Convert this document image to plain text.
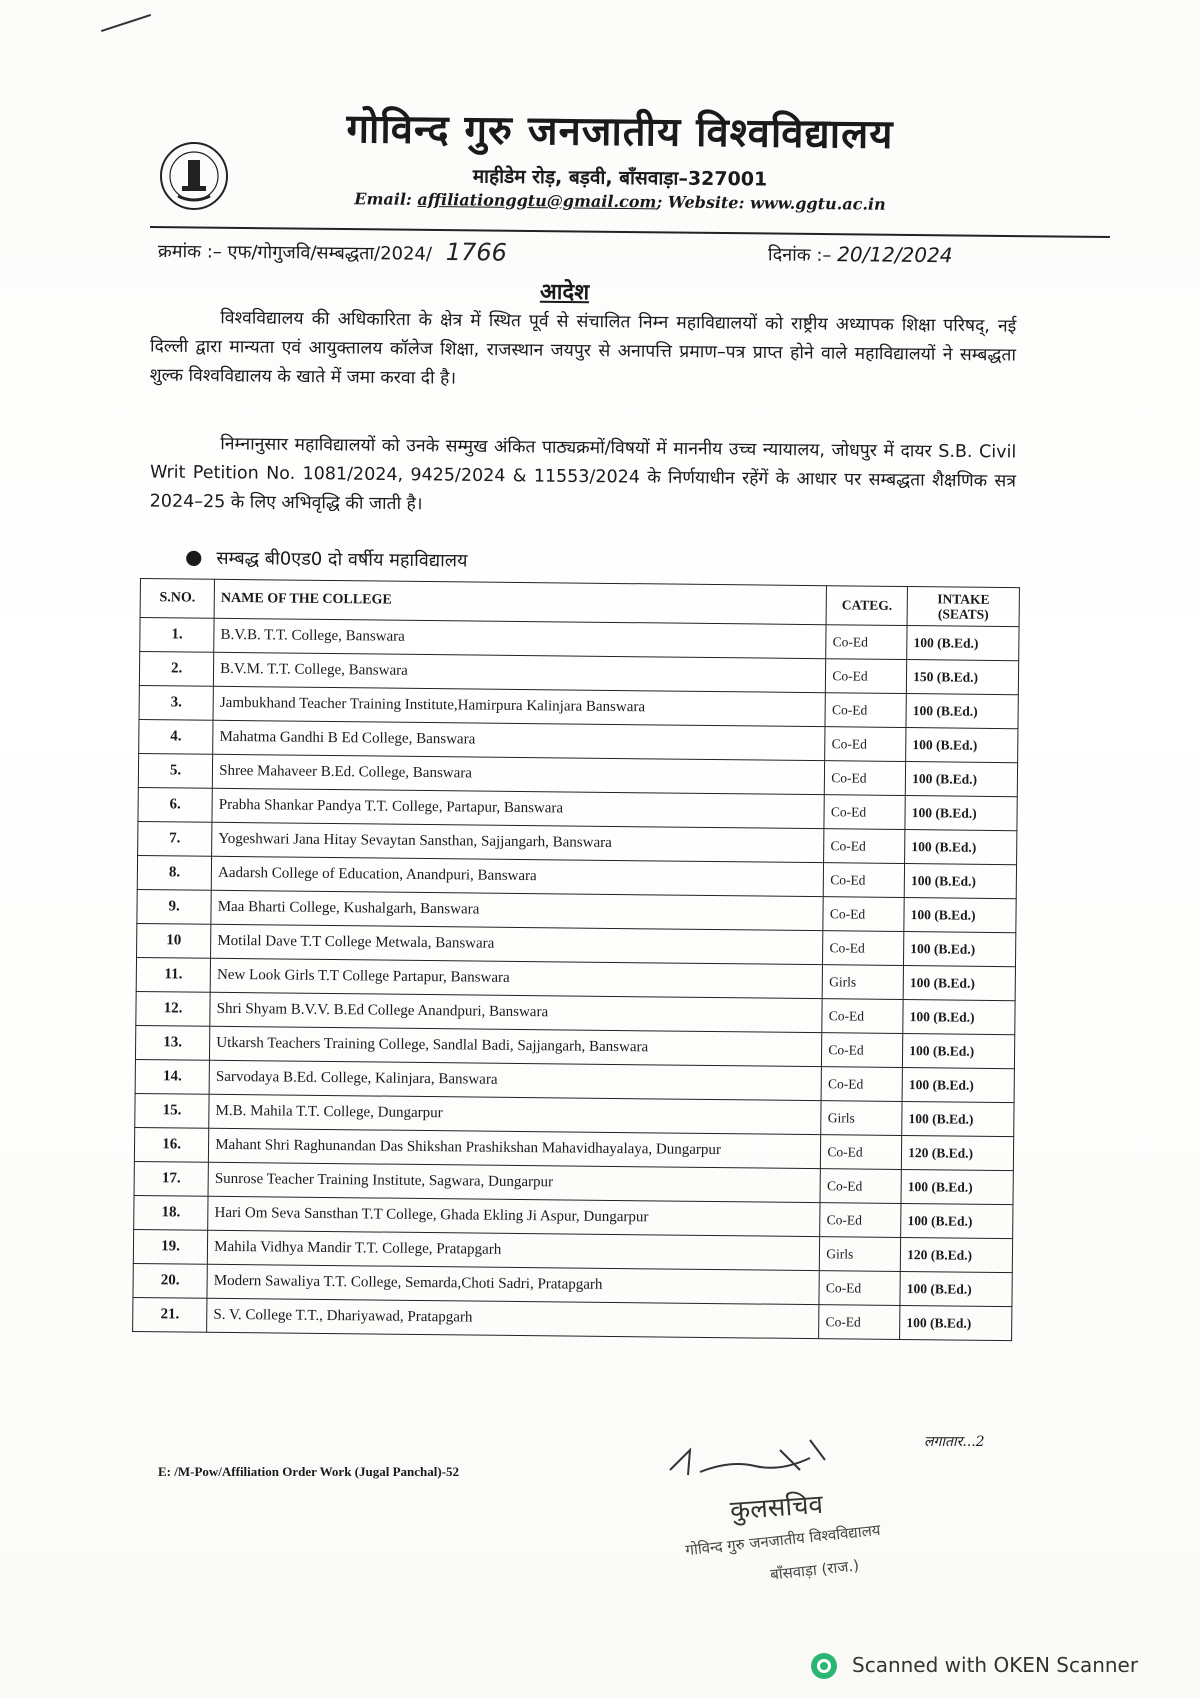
गोविन्द गुरु जनजातीय विश्वविद्यालय
माहीडेम रोड़, बड़वी, बाँसवाड़ा–327001
Email: affiliationggtu@gmail.com; Website: www.ggtu.ac.in
क्रमांक :– एफ/गोगुजवि/सम्बद्धता/2024/ 1766	दिनांक :– 20/12/2024
आदेश
विश्वविद्यालय की अधिकारिता के क्षेत्र में स्थित पूर्व से संचालित निम्न महाविद्यालयों को राष्ट्रीय अध्यापक शिक्षा परिषद्, नई दिल्ली द्वारा मान्यता एवं आयुक्तालय कॉलेज शिक्षा, राजस्थान जयपुर से अनापत्ति प्रमाण–पत्र प्राप्त होने वाले महाविद्यालयों ने सम्बद्धता शुल्क विश्वविद्यालय के खाते में जमा करवा दी है।
निम्नानुसार महाविद्यालयों को उनके सम्मुख अंकित पाठ्यक्रमों/विषयों में माननीय उच्च न्यायालय, जोधपुर में दायर S.B. Civil Writ Petition No. 1081/2024, 9425/2024 & 11553/2024 के निर्णयाधीन रहेंगें के आधार पर सम्बद्धता शैक्षणिक सत्र 2024–25 के लिए अभिवृद्धि की जाती है।
● सम्बद्ध बी0एड0 दो वर्षीय महाविद्यालय
S.NO.	NAME OF THE COLLEGE	CATEG.	INTAKE (SEATS)
1.	B.V.B. T.T. College, Banswara	Co-Ed	100 (B.Ed.)
2.	B.V.M. T.T. College, Banswara	Co-Ed	150 (B.Ed.)
3.	Jambukhand Teacher Training Institute,Hamirpura Kalinjara Banswara	Co-Ed	100 (B.Ed.)
4.	Mahatma Gandhi B Ed College, Banswara	Co-Ed	100 (B.Ed.)
5.	Shree Mahaveer B.Ed. College, Banswara	Co-Ed	100 (B.Ed.)
6.	Prabha Shankar Pandya T.T. College, Partapur, Banswara	Co-Ed	100 (B.Ed.)
7.	Yogeshwari Jana Hitay Sevaytan Sansthan, Sajjangarh, Banswara	Co-Ed	100 (B.Ed.)
8.	Aadarsh College of Education, Anandpuri, Banswara	Co-Ed	100 (B.Ed.)
9.	Maa Bharti College, Kushalgarh, Banswara	Co-Ed	100 (B.Ed.)
10	Motilal Dave T.T College Metwala, Banswara	Co-Ed	100 (B.Ed.)
11.	New Look Girls T.T College Partapur, Banswara	Girls	100 (B.Ed.)
12.	Shri Shyam B.V.V. B.Ed College Anandpuri, Banswara	Co-Ed	100 (B.Ed.)
13.	Utkarsh Teachers Training College, Sandlal Badi, Sajjangarh, Banswara	Co-Ed	100 (B.Ed.)
14.	Sarvodaya B.Ed. College, Kalinjara, Banswara	Co-Ed	100 (B.Ed.)
15.	M.B. Mahila T.T. College, Dungarpur	Girls	100 (B.Ed.)
16.	Mahant Shri Raghunandan Das Shikshan Prashikshan Mahavidhayalaya, Dungarpur	Co-Ed	120 (B.Ed.)
17.	Sunrose Teacher Training Institute, Sagwara, Dungarpur	Co-Ed	100 (B.Ed.)
18.	Hari Om Seva Sansthan T.T College, Ghada Ekling Ji Aspur, Dungarpur	Co-Ed	100 (B.Ed.)
19.	Mahila Vidhya Mandir T.T. College, Pratapgarh	Girls	120 (B.Ed.)
20.	Modern Sawaliya T.T. College, Semarda,Choti Sadri, Pratapgarh	Co-Ed	100 (B.Ed.)
21.	S. V. College T.T., Dhariyawad, Pratapgarh	Co-Ed	100 (B.Ed.)
लगातार...2
E: /M-Pow/Affiliation Order Work (Jugal Panchal)-52
कुलसचिव
गोविन्द गुरु जनजातीय विश्वविद्यालय
बाँसवाड़ा (राज.)
Scanned with OKEN Scanner
